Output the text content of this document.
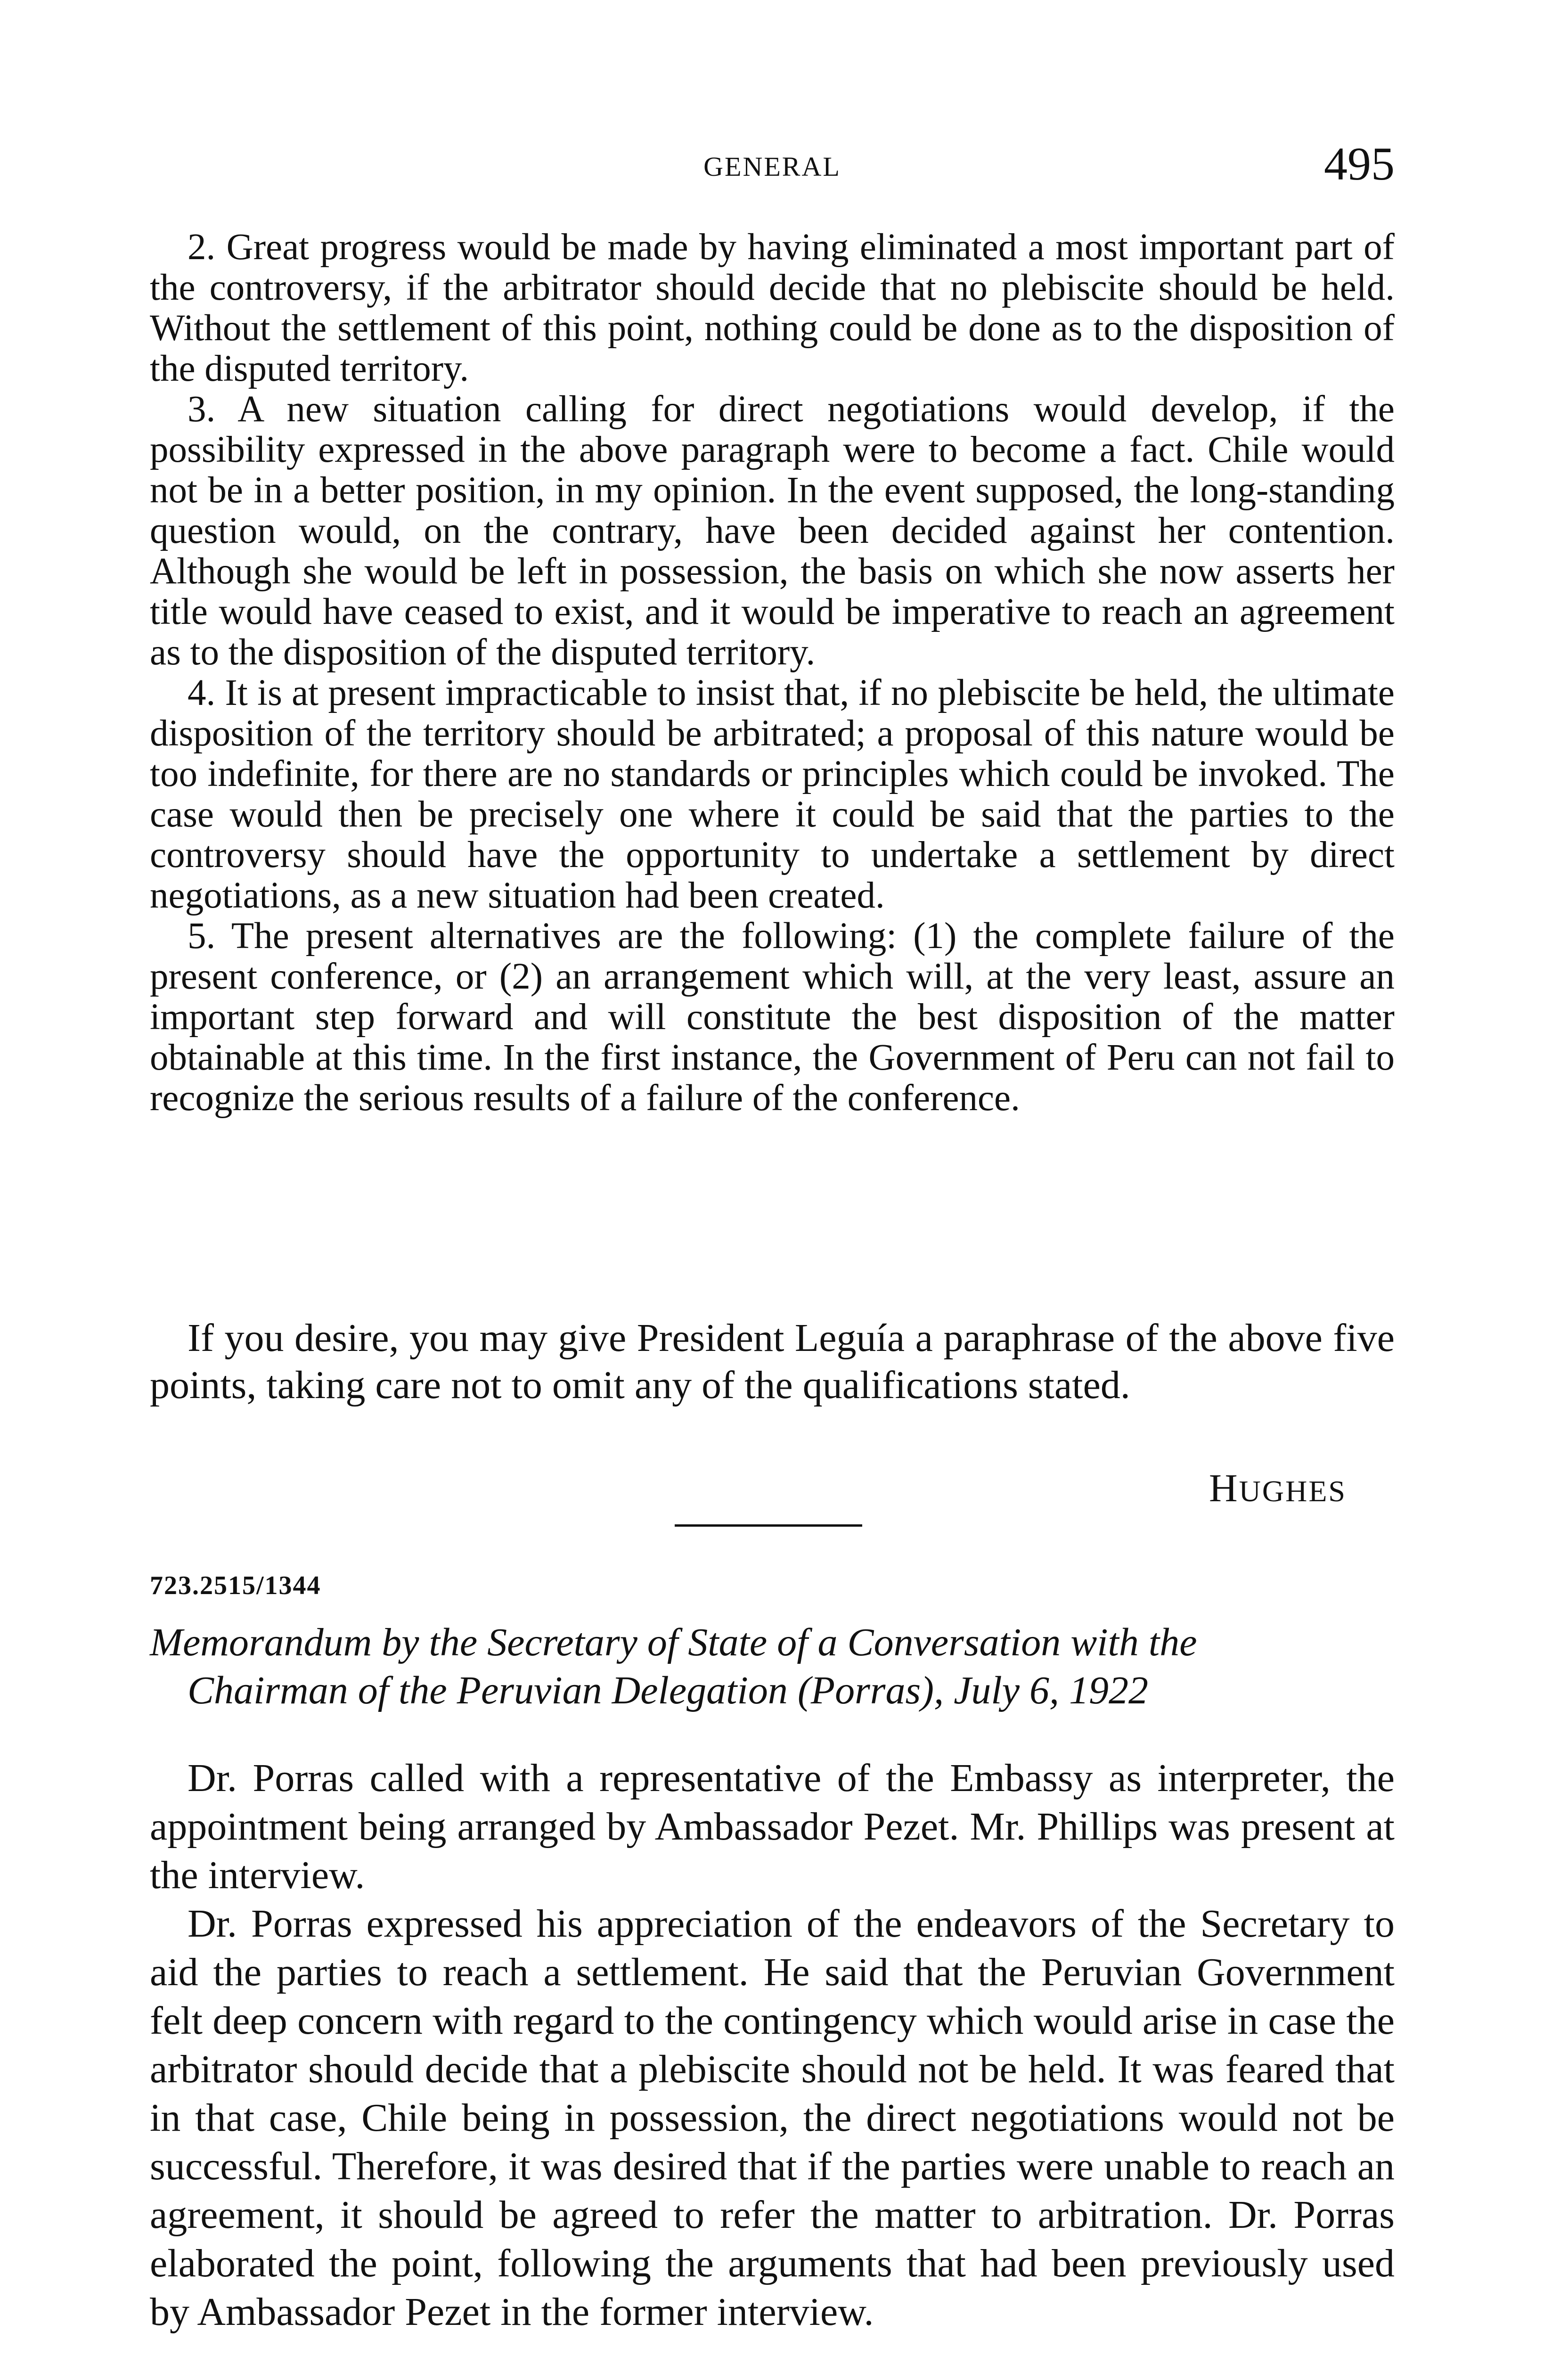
GENERAL	495

2. Great progress would be made by having eliminated a most important part of the controversy, if the arbitrator should decide that no plebiscite should be held. Without the settlement of this point, nothing could be done as to the disposition of the disputed territory.

3. A new situation calling for direct negotiations would develop, if the possibility expressed in the above paragraph were to become a fact. Chile would not be in a better position, in my opinion. In the event supposed, the long-standing question would, on the contrary, have been decided against her contention. Although she would be left in possession, the basis on which she now asserts her title would have ceased to exist, and it would be imperative to reach an agreement as to the disposition of the disputed territory.

4. It is at present impracticable to insist that, if no plebiscite be held, the ultimate disposition of the territory should be arbitrated; a proposal of this nature would be too indefinite, for there are no standards or principles which could be invoked. The case would then be precisely one where it could be said that the parties to the controversy should have the opportunity to undertake a settlement by direct negotiations, as a new situation had been created.

5. The present alternatives are the following: (1) the complete failure of the present conference, or (2) an arrangement which will, at the very least, assure an important step forward and will constitute the best disposition of the matter obtainable at this time. In the first instance, the Government of Peru can not fail to recognize the serious results of a failure of the conference.

If you desire, you may give President Leguía a paraphrase of the above five points, taking care not to omit any of the qualifications stated.

HUGHES
723.2515/1344
Memorandum by the Secretary of State of a Conversation with the
Chairman of the Peruvian Delegation (Porras), July 6, 1922

Dr. Porras called with a representative of the Embassy as interpreter, the appointment being arranged by Ambassador Pezet. Mr. Phillips was present at the interview.

Dr. Porras expressed his appreciation of the endeavors of the Secretary to aid the parties to reach a settlement. He said that the Peruvian Government felt deep concern with regard to the contingency which would arise in case the arbitrator should decide that a plebiscite should not be held. It was feared that in that case, Chile being in possession, the direct negotiations would not be successful. Therefore, it was desired that if the parties were unable to reach an agreement, it should be agreed to refer the matter to arbitration. Dr. Porras elaborated the point, following the arguments that had been previously used by Ambassador Pezet in the former interview.
